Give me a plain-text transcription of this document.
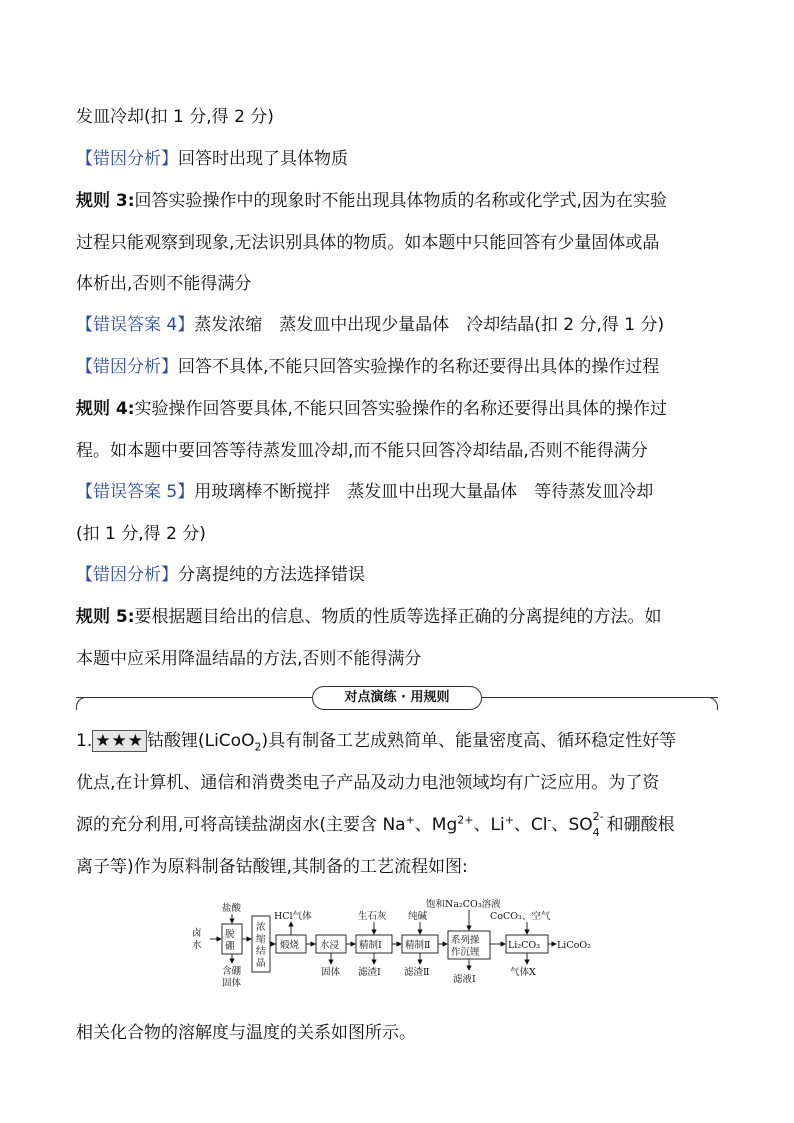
发皿冷却(扣 1 分,得 2 分)
【错因分析】回答时出现了具体物质
规则 3:回答实验操作中的现象时不能出现具体物质的名称或化学式,因为在实验
过程只能观察到现象,无法识别具体的物质。如本题中只能回答有少量固体或晶
体析出,否则不能得满分
【错误答案 4】蒸发浓缩　蒸发皿中出现少量晶体　冷却结晶(扣 2 分,得 1 分)
【错因分析】回答不具体,不能只回答实验操作的名称还要得出具体的操作过程
规则 4:实验操作回答要具体,不能只回答实验操作的名称还要得出具体的操作过
程。如本题中要回答等待蒸发皿冷却,而不能只回答冷却结晶,否则不能得满分
【错误答案 5】用玻璃棒不断搅拌　蒸发皿中出现大量晶体　等待蒸发皿冷却
(扣 1 分,得 2 分)
【错因分析】分离提纯的方法选择错误
规则 5:要根据题目给出的信息、物质的性质等选择正确的分离提纯的方法。如
本题中应采用降温结晶的方法,否则不能得满分
对点演练 · 用规则
1. ★★★ 钴酸锂(LiCoO$_2$)具有制备工艺成熟简单、能量密度高、循环稳定性好等
优点,在计算机、通信和消费类电子产品及动力电池领域均有广泛应用。为了资
源的充分利用,可将高镁盐湖卤水(主要含 Na+、$Mg^{2+}$、Li+、Cl-、SO 2-
4 和硼酸根
离子等)作为原料制备钴酸锂,其制备的工艺流程如图:
卤
水
脱
硼
盐酸
含硼
固体
浓
缩
结
晶
HCl气体
煅烧 水浸
固体
精制Ⅰ
生石灰
滤渣Ⅰ
精制Ⅱ
纯碱
滤渣Ⅱ
系列操
作沉锂
饱和Na₂CO₃溶液
滤液Ⅰ
Li₂CO₃
CoCO₃、空气
气体X
LiCoO₂
相关化合物的溶解度与温度的关系如图所示。
